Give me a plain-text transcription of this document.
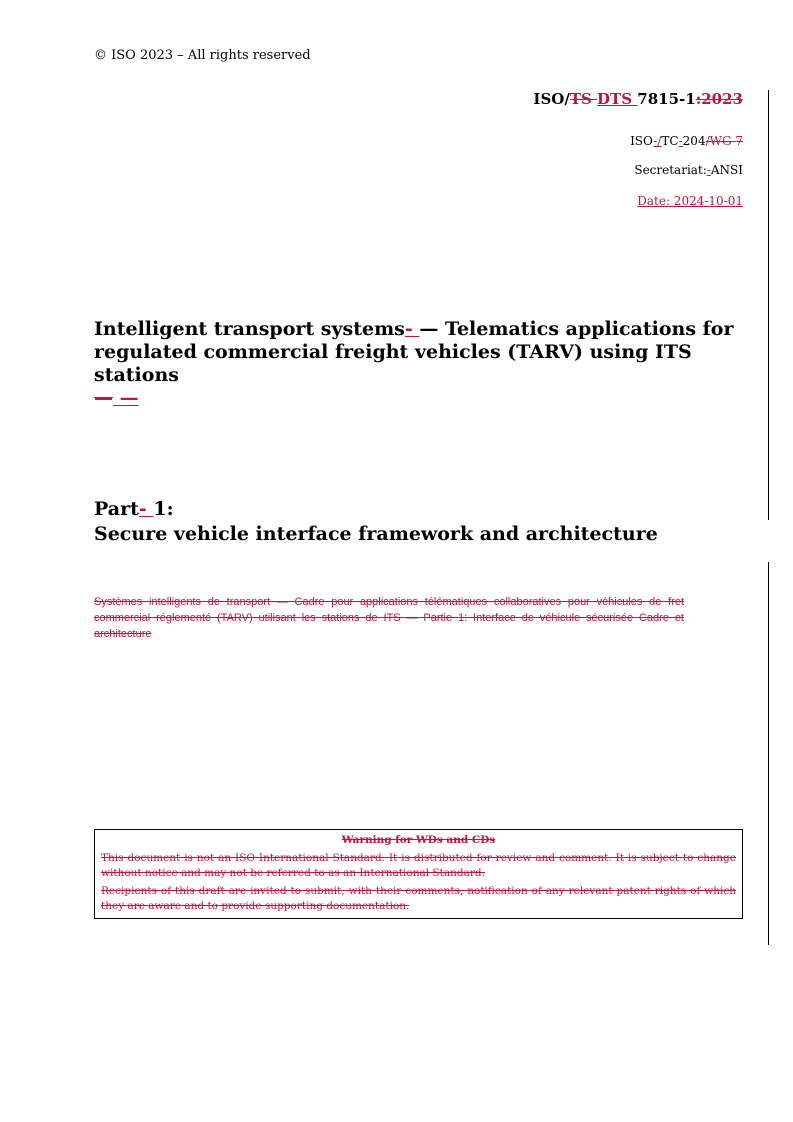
© ISO 2023 – All rights reserved
ISO/TS DTS 7815-1:2023
ISO-/TC-204/WG 7
Secretariat:-ANSI
Date: 2024-10-01
Intelligent transport systems- — Telematics applications for regulated commercial freight vehicles (TARV) using ITS stations
— —
Part- 1:
Secure vehicle interface framework and architecture
Systèmes intelligents de transport — Cadre pour applications télématiques collaboratives pour véhicules de fret commercial réglementé (TARV) utilisant les stations de ITS — Partie 1: Interface de véhicule sécurisée Cadre et architecture
Warning for WDs and CDs

This document is not an ISO International Standard. It is distributed for review and comment. It is subject to change without notice and may not be referred to as an International Standard.

Recipients of this draft are invited to submit, with their comments, notification of any relevant patent rights of which they are aware and to provide supporting documentation.
